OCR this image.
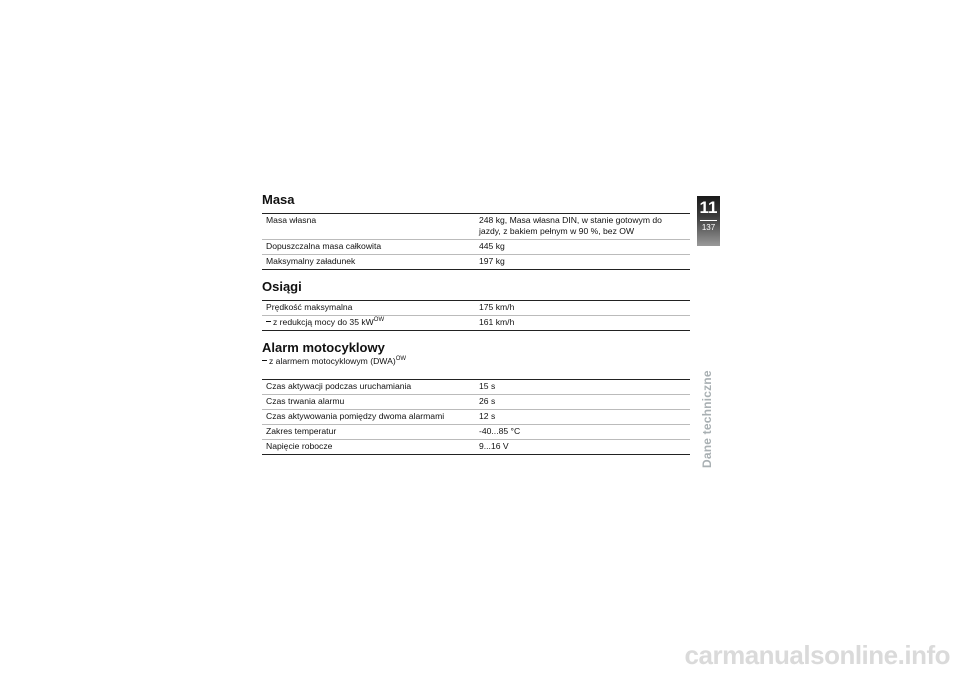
Masa
Masa własna	248 kg, Masa własna DIN, w stanie gotowym do jazdy, z bakiem pełnym w 90 %, bez OW
Dopuszczalna masa całkowita	445 kg
Maksymalny załadunek	197 kg
Osiągi
Prędkość maksymalna	175 km/h
z redukcją mocy do 35 $kW^{OW}$	161 km/h
Alarm motocyklowy

z alarmem motocyklowym (DWA)$^{OW}$

Czas aktywacji podczas uruchamiania	15 s
Czas trwania alarmu	26 s
Czas aktywowania pomiędzy dwoma alarmami	12 s
Zakres temperatur	-40...85 °C
Napięcie robocze	9...16 V
11
137
Dane techniczne
carmanualsonline.info
